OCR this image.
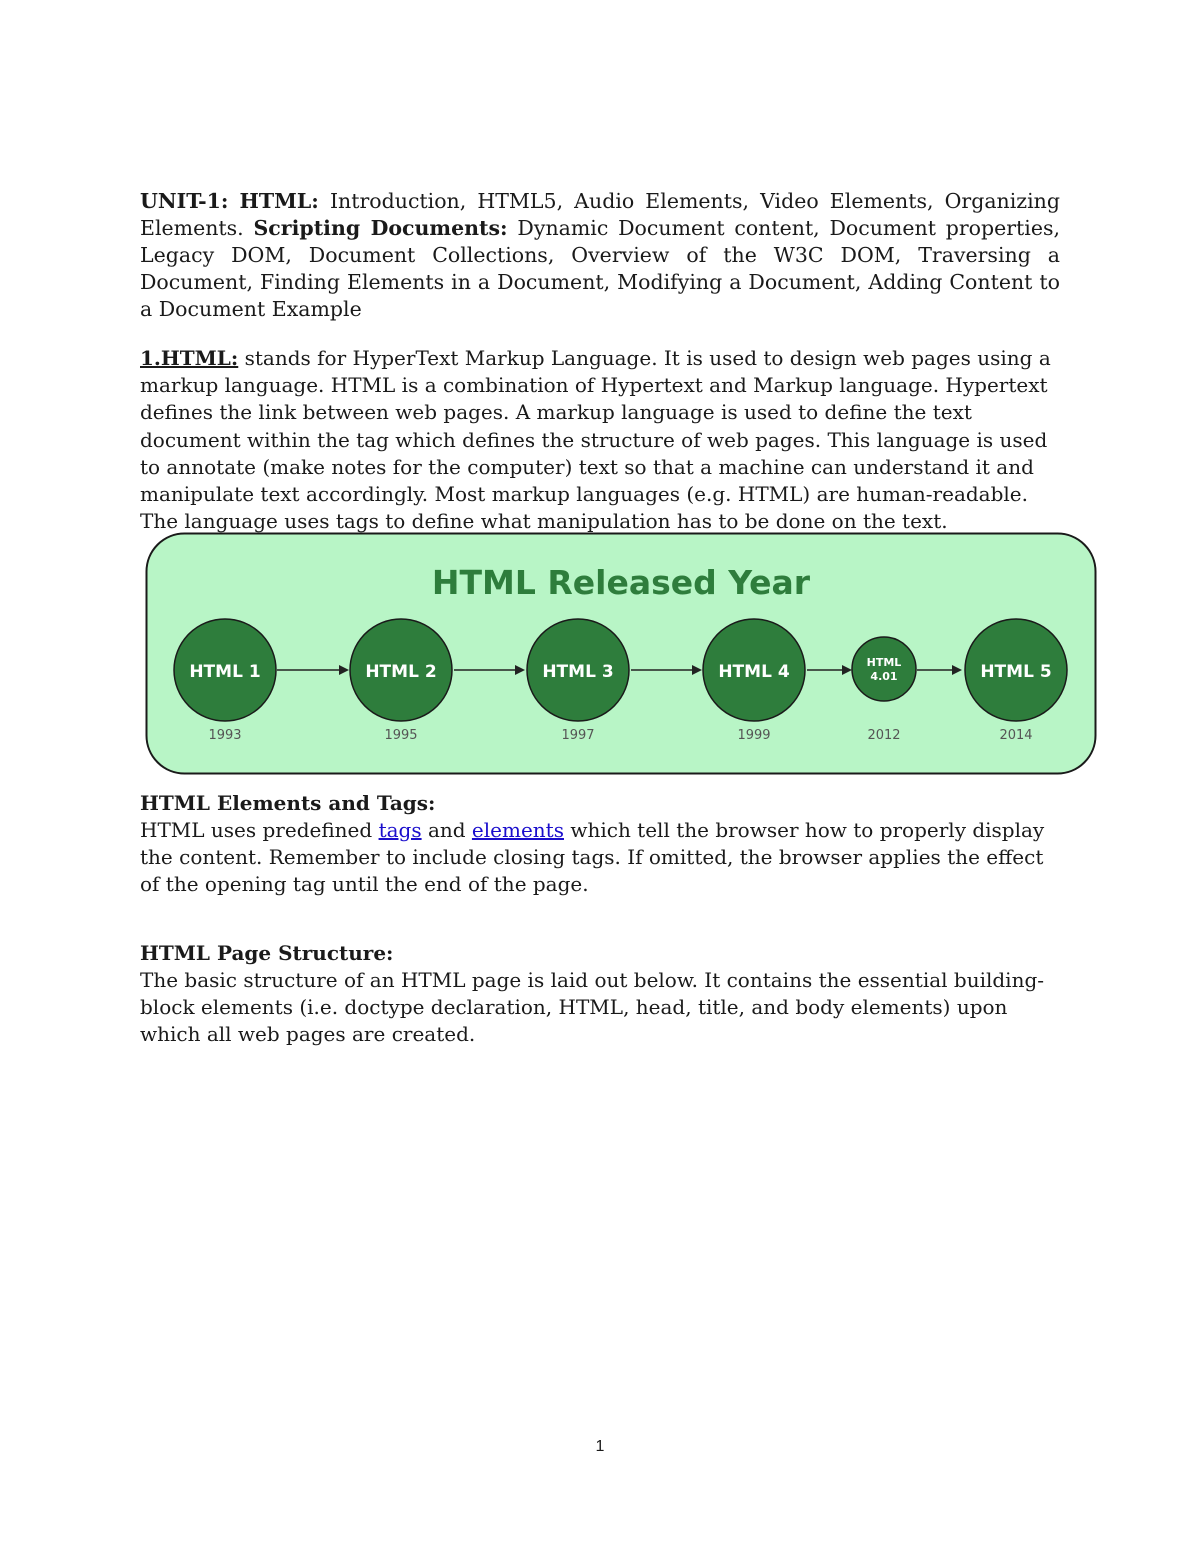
UNIT-1: HTML: Introduction, HTML5, Audio Elements, Video Elements, Organizing Elements. Scripting Documents: Dynamic Document content, Document properties, Legacy DOM, Document Collections, Overview of the W3C DOM, Traversing a Document, Finding Elements in a Document, Modifying a Document, Adding Content to a Document Example

1.HTML: stands for HyperText Markup Language. It is used to design web pages using a markup language. HTML is a combination of Hypertext and Markup language. Hypertext defines the link between web pages. A markup language is used to define the text document within the tag which defines the structure of web pages. This language is used to annotate (make notes for the computer) text so that a machine can understand it and manipulate text accordingly. Most markup languages (e.g. HTML) are human-readable. The language uses tags to define what manipulation has to be done on the text.

HTML Released Year
HTML 1
1993
HTML 2
1995
HTML 3
1997
HTML 4
1999
HTML
4.01
2012
HTML 5
2014

HTML Elements and Tags:

HTML uses predefined tags and elements which tell the browser how to properly display the content. Remember to include closing tags. If omitted, the browser applies the effect of the opening tag until the end of the page.

HTML Page Structure:

The basic structure of an HTML page is laid out below. It contains the essential building-block elements (i.e. doctype declaration, HTML, head, title, and body elements) upon which all web pages are created.

1
